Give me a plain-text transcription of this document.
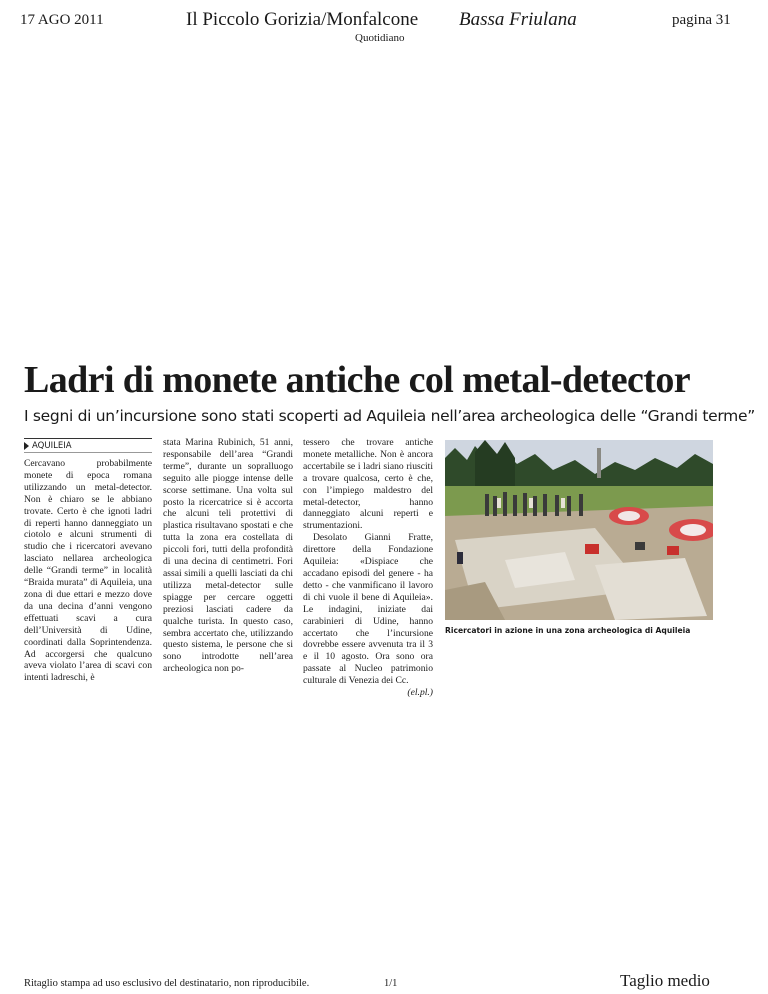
17 AGO 2011	Il Piccolo Gorizia/Monfalcone Bassa Friulana	pagina 31
Quotidiano
Ladri di monete antiche col metal-detector
I segni di un’incursione sono stati scoperti ad Aquileia nell’area archeologica delle “Grandi terme”
AQUILEIA
Cercavano probabilmente monete di epoca romana utilizzando un metal-detector. Non è chiaro se le abbiano trovate. Certo è che ignoti ladri di reperti hanno danneggiato un ciotolo e alcuni strumenti di studio che i ricercatori avevano lasciato nellarea archeologica delle “Grandi terme” in località “Braida murata” di Aquileia, una zona di due ettari e mezzo dove da una decina d’anni vengono effettuati scavi a cura dell’Università di Udine, coordinati dalla Soprintendenza. Ad accorgersi che qualcuno aveva violato l’area di scavi con intenti ladreschi, è
stata Marina Rubinich, 51 anni, responsabile dell’area “Grandi terme”, durante un sopralluogo seguito alle piogge intense delle scorse settimane. Una volta sul posto la ricercatrice si è accorta che alcuni teli protettivi di plastica risultavano spostati e che tutta la zona era costellata di piccoli fori, tutti della profondità di una decina di centimetri. Fori assai simili a quelli lasciati da chi utilizza metal-detector sulle spiagge per cercare oggetti preziosi lasciati cadere da qualche turista. In questo caso, sembra accertato che, utilizzando questo sistema, le persone che si sono introdotte nell’area archeologica non po-

tessero che trovare antiche monete metalliche. Non è ancora accertabile se i ladri siano riusciti a trovare qualcosa, certo è che, con l’impiego maldestro del metal-detector, hanno danneggiato alcuni reperti e strumentazioni.

Desolato Gianni Fratte, direttore della Fondazione Aquileia: «Dispiace che accadano episodi del genere - ha detto - che vanmificano il lavoro di chi vuole il bene di Aquileia». Le indagini, iniziate dai carabinieri di Udine, hanno accertato che l’incursione dovrebbe essere avvenuta tra il 3 e il 10 agosto. Ora sono ora passate al Nucleo patrimonio culturale di Venezia dei Cc.

(el.pl.)
Ricercatori in azione in una zona archeologica di Aquileia
Ritaglio stampa ad uso esclusivo del destinatario, non riproducibile.	1/1	Taglio medio
